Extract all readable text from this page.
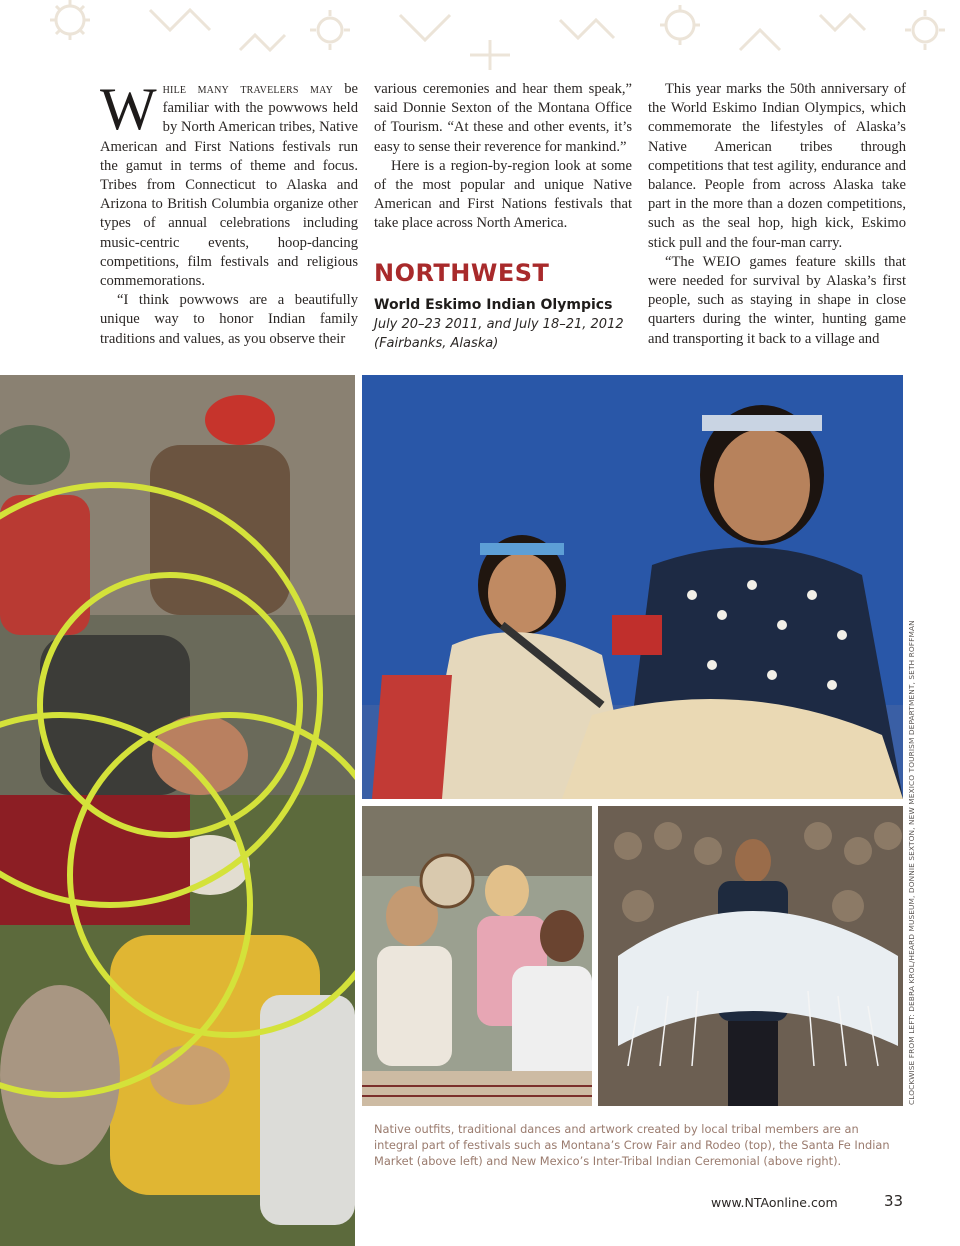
While many travelers may be familiar with the powwows held by North American tribes, Native American and First Nations festivals run the gamut in terms of theme and focus. Tribes from Connecticut to Alaska and Arizona to British Columbia organize other types of annual celebrations including music-centric events, hoop-dancing competitions, film festivals and religious commemorations.

“I think powwows are a beautifully unique way to honor Indian family traditions and values, as you observe their

various ceremonies and hear them speak,” said Donnie Sexton of the Montana Office of Tourism. “At these and other events, it’s easy to sense their reverence for mankind.”

Here is a region-by-region look at some of the most popular and unique Native American and First Nations festivals that take place across North America.

NORTHWEST

World Eskimo Indian Olympics

July 20–23 2011, and July 18–21, 2012

(Fairbanks, Alaska)

This year marks the 50th anniversary of the World Eskimo Indian Olympics, which commemorate the lifestyles of Alaska’s Native American tribes through competitions that test agility, endurance and balance. People from across Alaska take part in the more than a dozen competitions, such as the seal hop, high kick, Eskimo stick pull and the four-man carry.

“The WEIO games feature skills that were needed for survival by Alaska’s first people, such as staying in shape in close quarters during the winter, hunting game and transporting it back to a village and

CLOCKWISE FROM LEFT: DEBRA KROL/HEARD MUSEUM, DONNIE SEXTON, NEW MEXICO TOURISM DEPARTMENT, SETH ROFFMAN

Native outfits, traditional dances and artwork created by local tribal members are an integral part of festivals such as Montana’s Crow Fair and Rodeo (top), the Santa Fe Indian Market (above left) and New Mexico’s Inter-Tribal Indian Ceremonial (above right).

www.NTAonline.com	33
